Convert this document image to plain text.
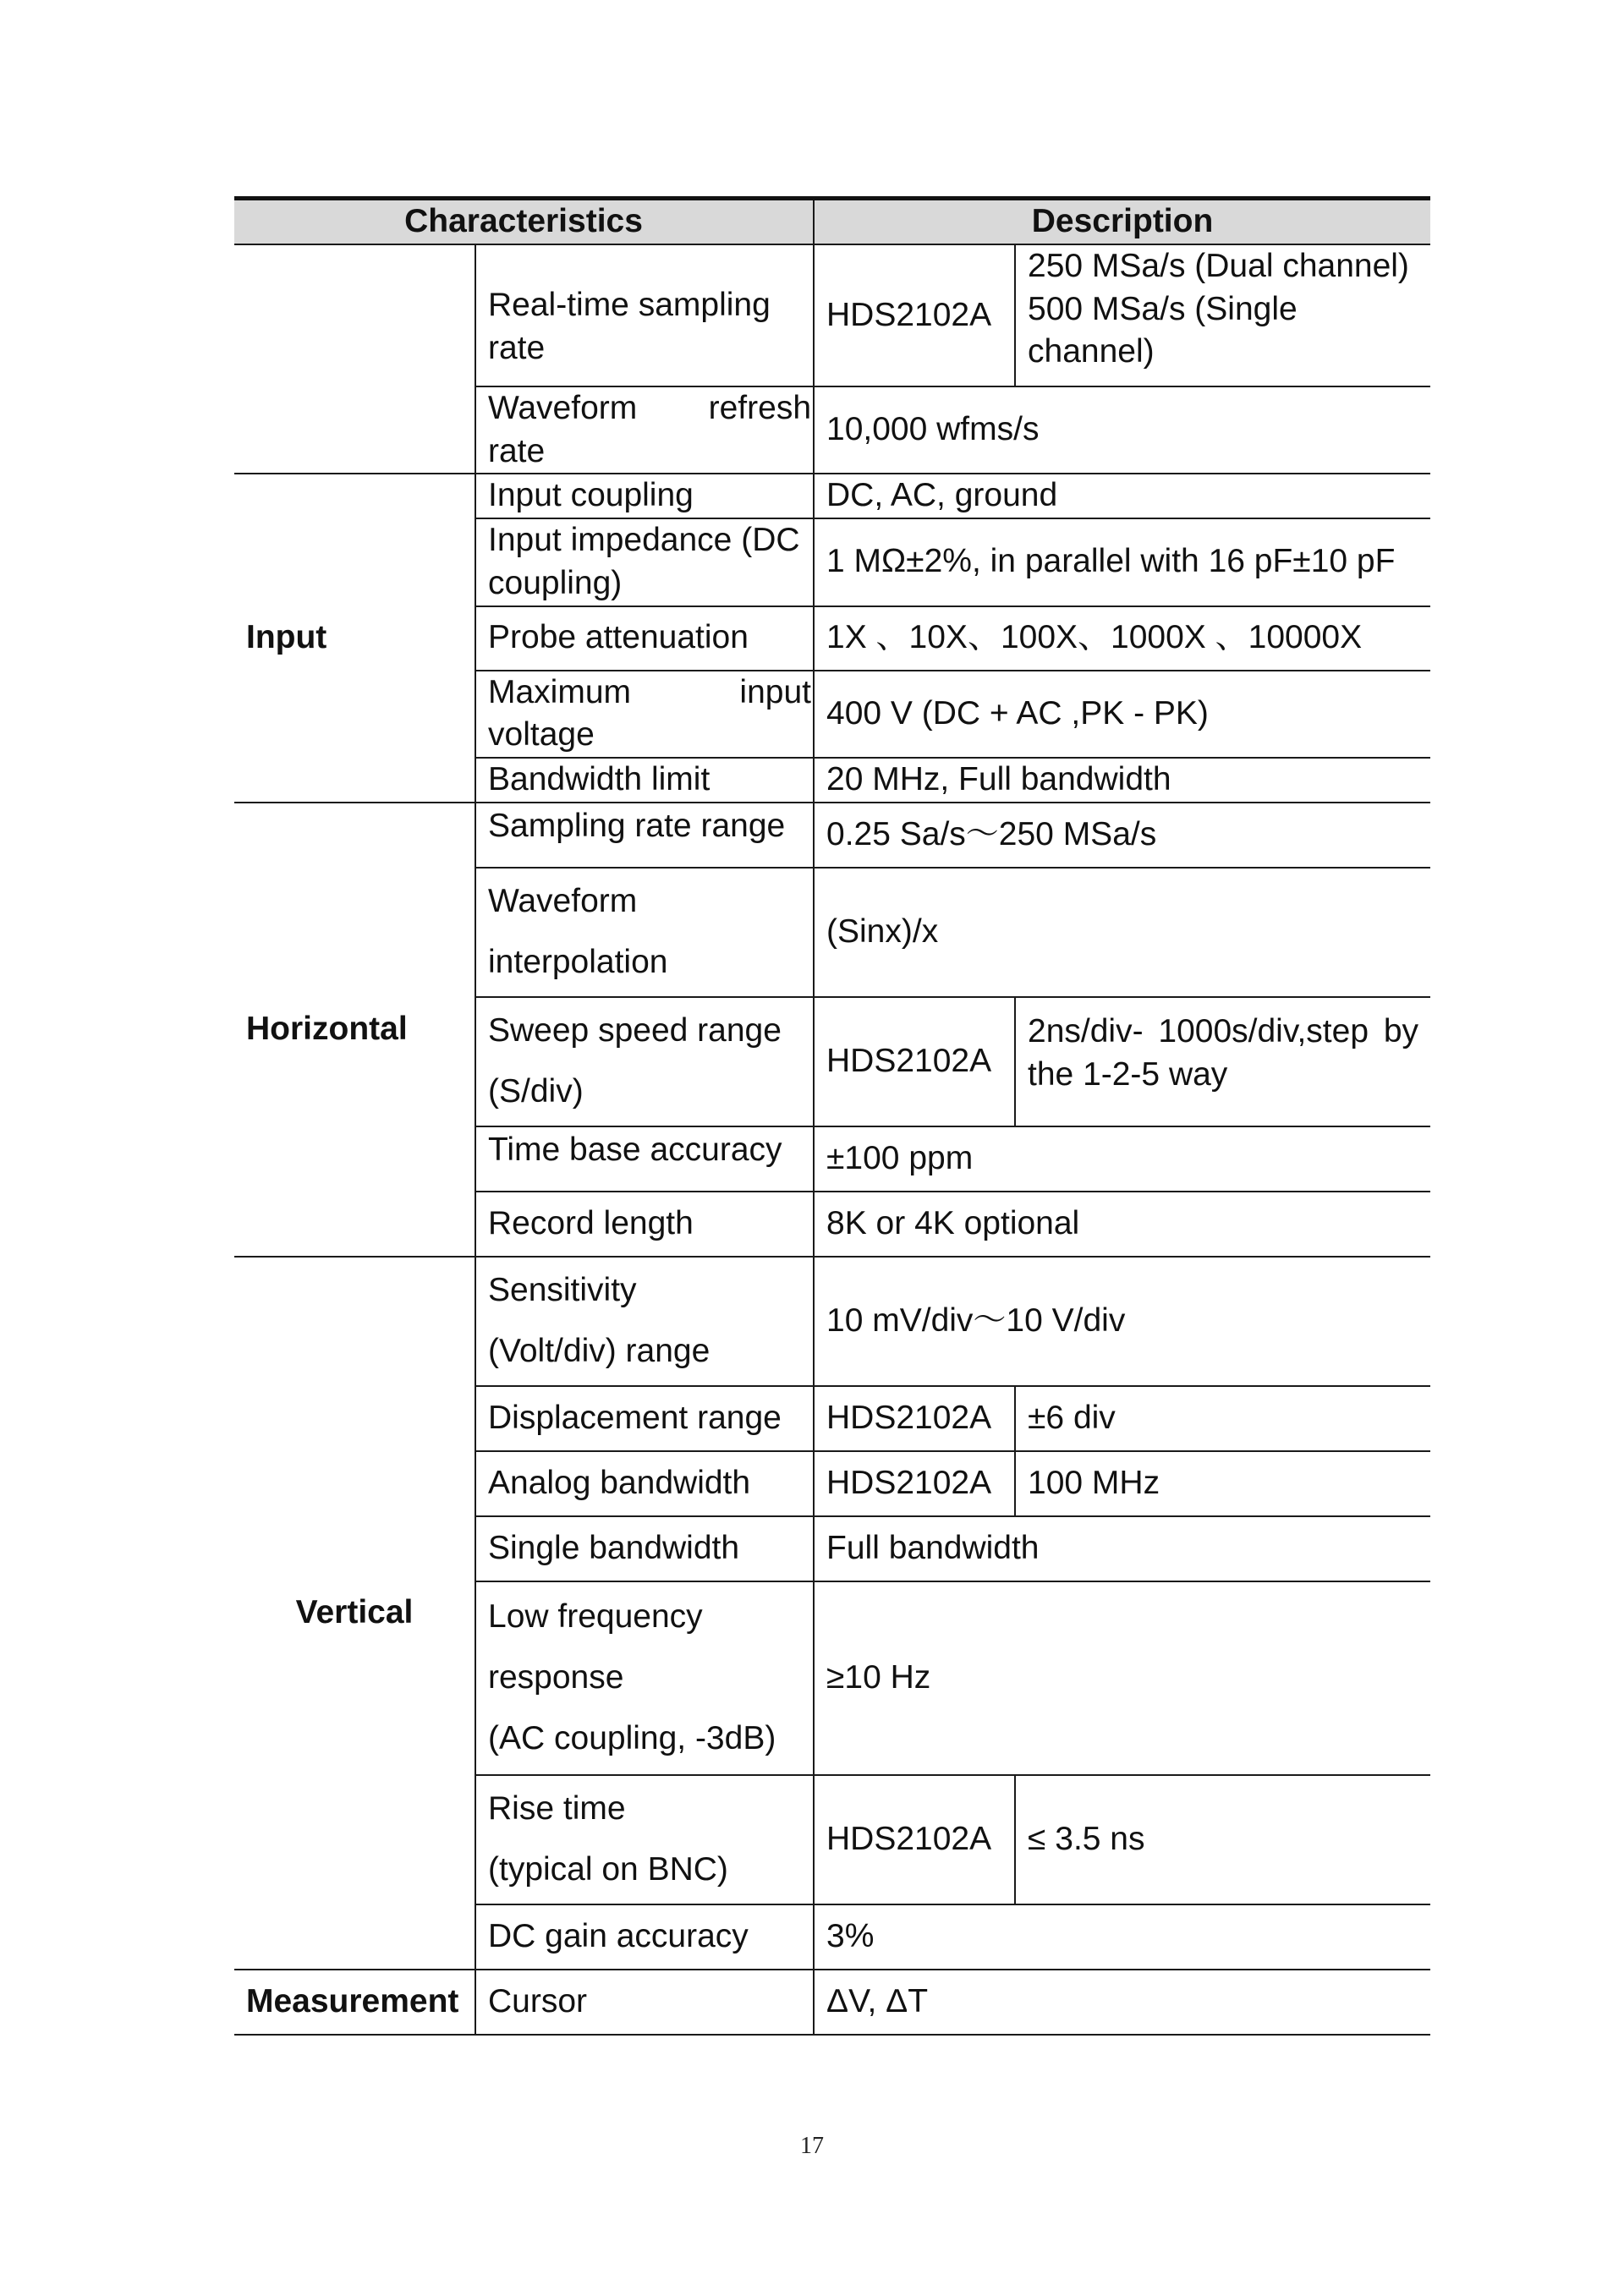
Characteristics		Description	
	Real-time sampling rate	HDS2102A	250 MSa/s (Dual channel)
500 MSa/s (Single channel)

	Waveform refresh rate	10,000 wfms/s	
Input	Input coupling	DC, AC, ground	
	Input impedance (DC coupling)	1 MΩ±2%, in parallel with 16 pF±10 pF	
	Probe attenuation	1X 、10X、100X、1000X 、10000X	

	Maximum input voltage	400 V (DC + AC ,PK - PK)	
	Bandwidth limit	20 MHz, Full bandwidth	
Horizontal	Sampling rate range	0.25 Sa/s～250 MSa/s	

	Waveform
interpolation	(Sinx)/x	

	Sweep speed range
(S/div)	HDS2102A	2ns/div- 1000s/div,step by the 1-2-5 way

	Time base accuracy	±100 ppm	
	Record length	8K or 4K optional	
Vertical	Sensitivity
(Volt/div) range	10 mV/div～10 V/div	
	Displacement range	HDS2102A	±6 div
	Analog bandwidth	HDS2102A	100 MHz
	Single bandwidth	Full bandwidth	

	Low frequency
response
(AC coupling, -3dB)	≥10 Hz	

	Rise time
(typical on BNC)	HDS2102A	≤ 3.5 ns
	DC gain accuracy	3%	
Measurement	Cursor	ΔV, ΔT	
17
